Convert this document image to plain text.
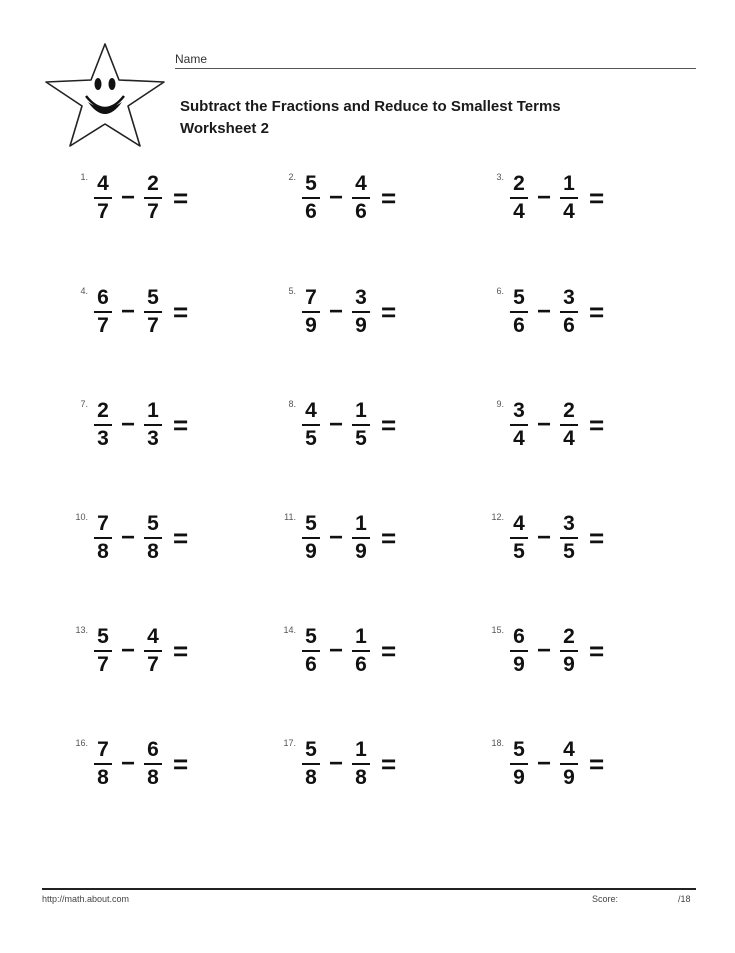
Name
Subtract the Fractions and Reduce to Smallest Terms
Worksheet 2
1. $\frac{4}{7} - \frac{2}{7}$ =
2. $\frac{5}{6} - \frac{4}{6}$ =
3. $\frac{2}{4} - \frac{1}{4}$ =
4. $\frac{6}{7} - \frac{5}{7}$ =
5. $\frac{7}{9} - \frac{3}{9}$ =
6. $\frac{5}{6} - \frac{3}{6}$ =
7. $\frac{2}{3} - \frac{1}{3}$ =
8. $\frac{4}{5} - \frac{1}{5}$ =
9. $\frac{3}{4} - \frac{2}{4}$ =
10. $\frac{7}{8} - \frac{5}{8}$ =
11. $\frac{5}{9} - \frac{1}{9}$ =
12. $\frac{4}{5} - \frac{3}{5}$ =
13. $\frac{5}{7} - \frac{4}{7}$ =
14. $\frac{5}{6} - \frac{1}{6}$ =
15. $\frac{6}{9} - \frac{2}{9}$ =
16. $\frac{7}{8} - \frac{6}{8}$ =
17. $\frac{5}{8} - \frac{1}{8}$ =
18. $\frac{5}{9} - \frac{4}{9}$ =
http://math.about.com	Score:	/18
